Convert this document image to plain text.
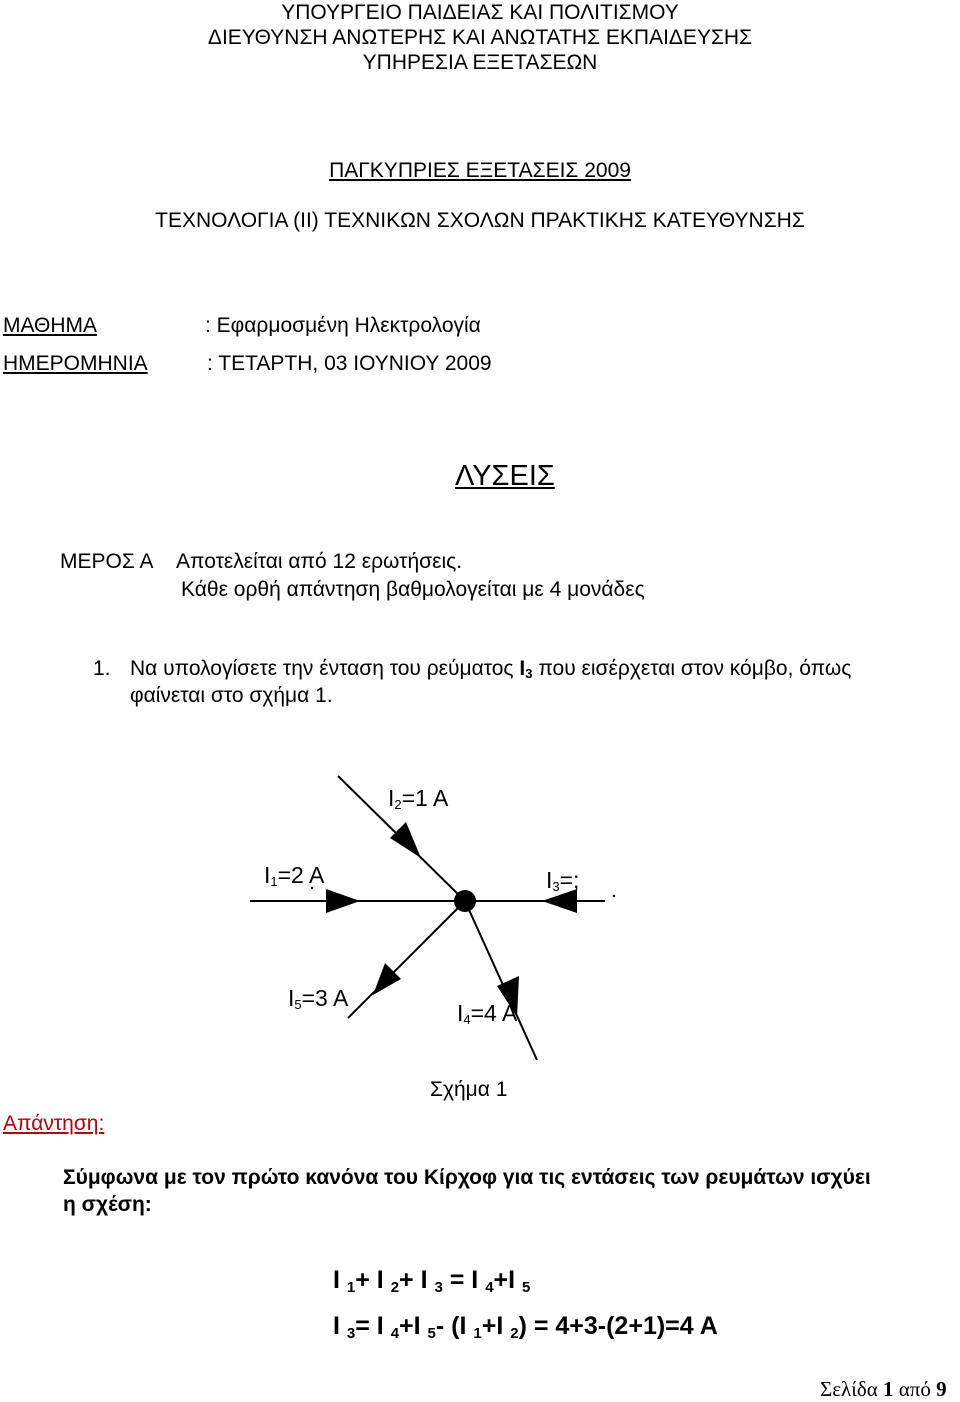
ΥΠΟΥΡΓΕΙΟ ΠΑΙΔΕΙΑΣ ΚΑΙ ΠΟΛΙΤΙΣΜΟΥ
ΔΙΕΥΘΥΝΣΗ ΑΝΩΤΕΡΗΣ ΚΑΙ ΑΝΩΤΑΤΗΣ ΕΚΠΑΙΔΕΥΣΗΣ
ΥΠΗΡΕΣΙΑ ΕΞΕΤΑΣΕΩΝ
ΠΑΓΚΥΠΡΙΕΣ ΕΞΕΤΑΣΕΙΣ 2009
ΤΕΧΝΟΛΟΓΙΑ (ΙΙ) ΤΕΧΝΙΚΩΝ ΣΧΟΛΩΝ ΠΡΑΚΤΙΚΗΣ ΚΑΤΕΥΘΥΝΣΗΣ
ΜΑΘΗΜΑ	: Εφαρμοσμένη Ηλεκτρολογία
ΗΜΕΡΟΜΗΝΙΑ	: ΤΕΤΑΡΤΗ, 03 ΙΟΥΝΙΟΥ 2009
ΛΥΣΕΙΣ
ΜΕΡΟΣ Α Αποτελείται από 12 ερωτήσεις.
Κάθε ορθή απάντηση βαθμολογείται με 4 μονάδες
1. Να υπολογίσετε την ένταση του ρεύματος I3 που εισέρχεται στον κόμβο, όπως
φαίνεται στο σχήμα 1.
I2=1 A
I1=2 A	I3=;
I5=3 A
I4=4 A
Σχήμα 1
Απάντηση:
Σύμφωνα με τον πρώτο κανόνα του Κίρχοφ για τις εντάσεις των ρευμάτων ισχύει
η σχέση:
I $_1$+ I $_2$+ I $_3$ = I $_4$+I $_5$
I $_3$= I $_4$+I $_5$- (I $_1$+I $_2$) = 4+3-(2+1)=4 A
Σελίδα 1 από 9
